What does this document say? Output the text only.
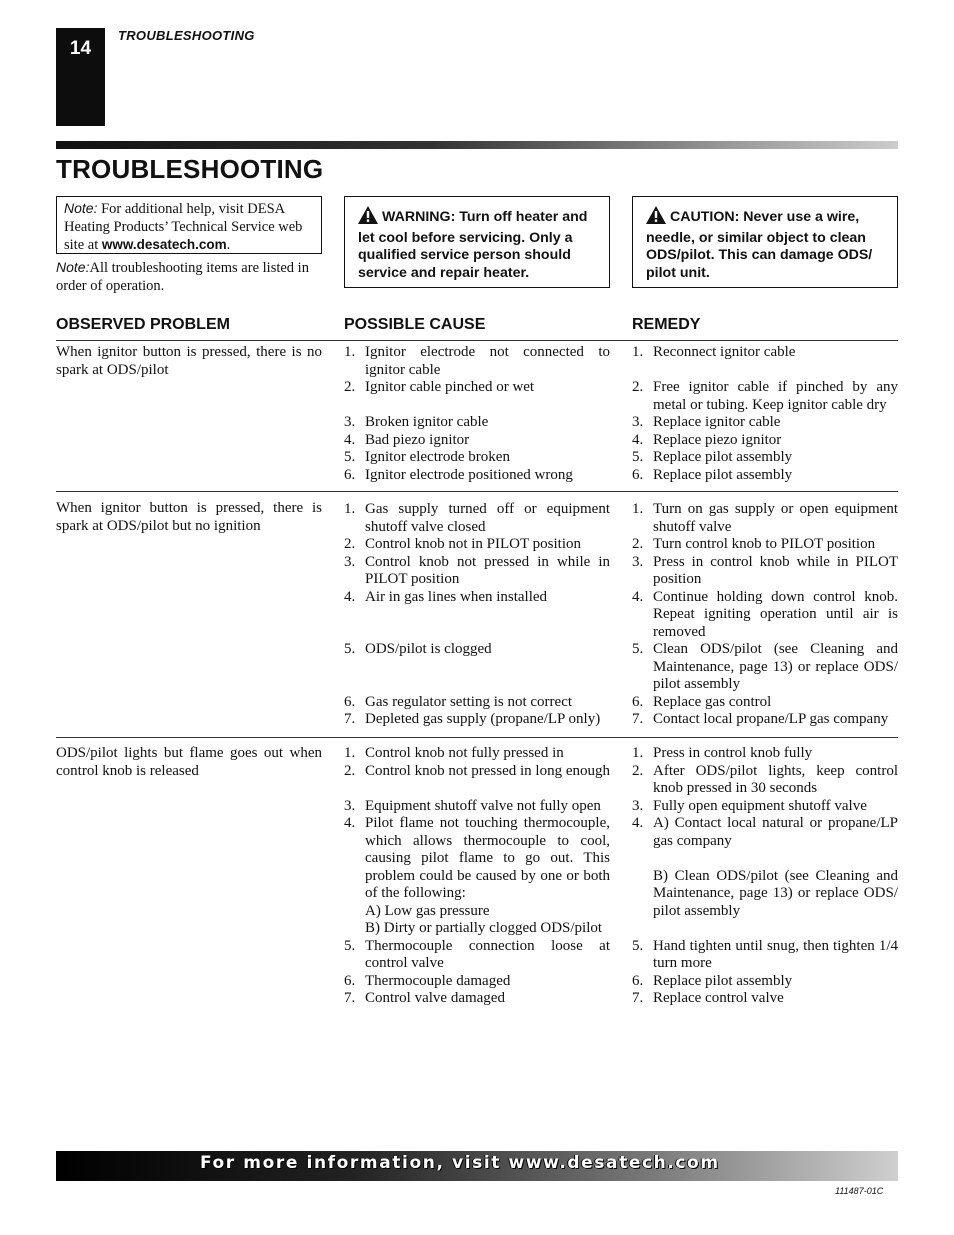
14
TROUBLESHOOTING
TROUBLESHOOTING
Note: For additional help, visit DESA Heating Products’ Technical Service web site at www.desatech.com.
Note:All troubleshooting items are listed in order of operation.
WARNING: Turn off heater and let cool before servicing. Only a qualified service person should service and repair heater.
CAUTION: Never use a wire, needle, or similar object to clean ODS/pilot. This can damage ODS/ pilot unit.
OBSERVED PROBLEM	POSSIBLE CAUSE	REMEDY
When ignitor button is pressed, there is no spark at ODS/pilot
1. Ignitor electrode not connected to ignitor cable
2. Ignitor cable pinched or wet
3. Broken ignitor cable
4. Bad piezo ignitor
5. Ignitor electrode broken
6. Ignitor electrode positioned wrong
1. Reconnect ignitor cable
2. Free ignitor cable if pinched by any metal or tubing. Keep ignitor cable dry
3. Replace ignitor cable
4. Replace piezo ignitor
5. Replace pilot assembly
6. Replace pilot assembly
When ignitor button is pressed, there is spark at ODS/pilot but no ignition
1. Gas supply turned off or equipment shutoff valve closed
2. Control knob not in PILOT position
3. Control knob not pressed in while in PILOT position
4. Air in gas lines when installed
5. ODS/pilot is clogged
6. Gas regulator setting is not correct
7. Depleted gas supply (propane/LP only)
1. Turn on gas supply or open equipment shutoff valve
2. Turn control knob to PILOT position
3. Press in control knob while in PILOT position
4. Continue holding down control knob. Repeat igniting operation until air is removed
5. Clean ODS/pilot (see Cleaning and Maintenance, page 13) or replace ODS/ pilot assembly
6. Replace gas control
7. Contact local propane/LP gas company
ODS/pilot lights but flame goes out when control knob is released
1. Control knob not fully pressed in
2. Control knob not pressed in long enough
3. Equipment shutoff valve not fully open
4. Pilot flame not touching thermocouple, which allows thermocouple to cool, causing pilot flame to go out. This problem could be caused by one or both of the following:
A) Low gas pressure
B) Dirty or partially clogged ODS/pilot
5. Thermocouple connection loose at control valve
6. Thermocouple damaged
7. Control valve damaged
1. Press in control knob fully
2. After ODS/pilot lights, keep control knob pressed in 30 seconds
3. Fully open equipment shutoff valve
4. A) Contact local natural or propane/LP gas company
B) Clean ODS/pilot (see Cleaning and Maintenance, page 13) or replace ODS/ pilot assembly
5. Hand tighten until snug, then tighten 1/4 turn more
6. Replace pilot assembly
7. Replace control valve
For more information, visit www.desatech.com
111487-01C
